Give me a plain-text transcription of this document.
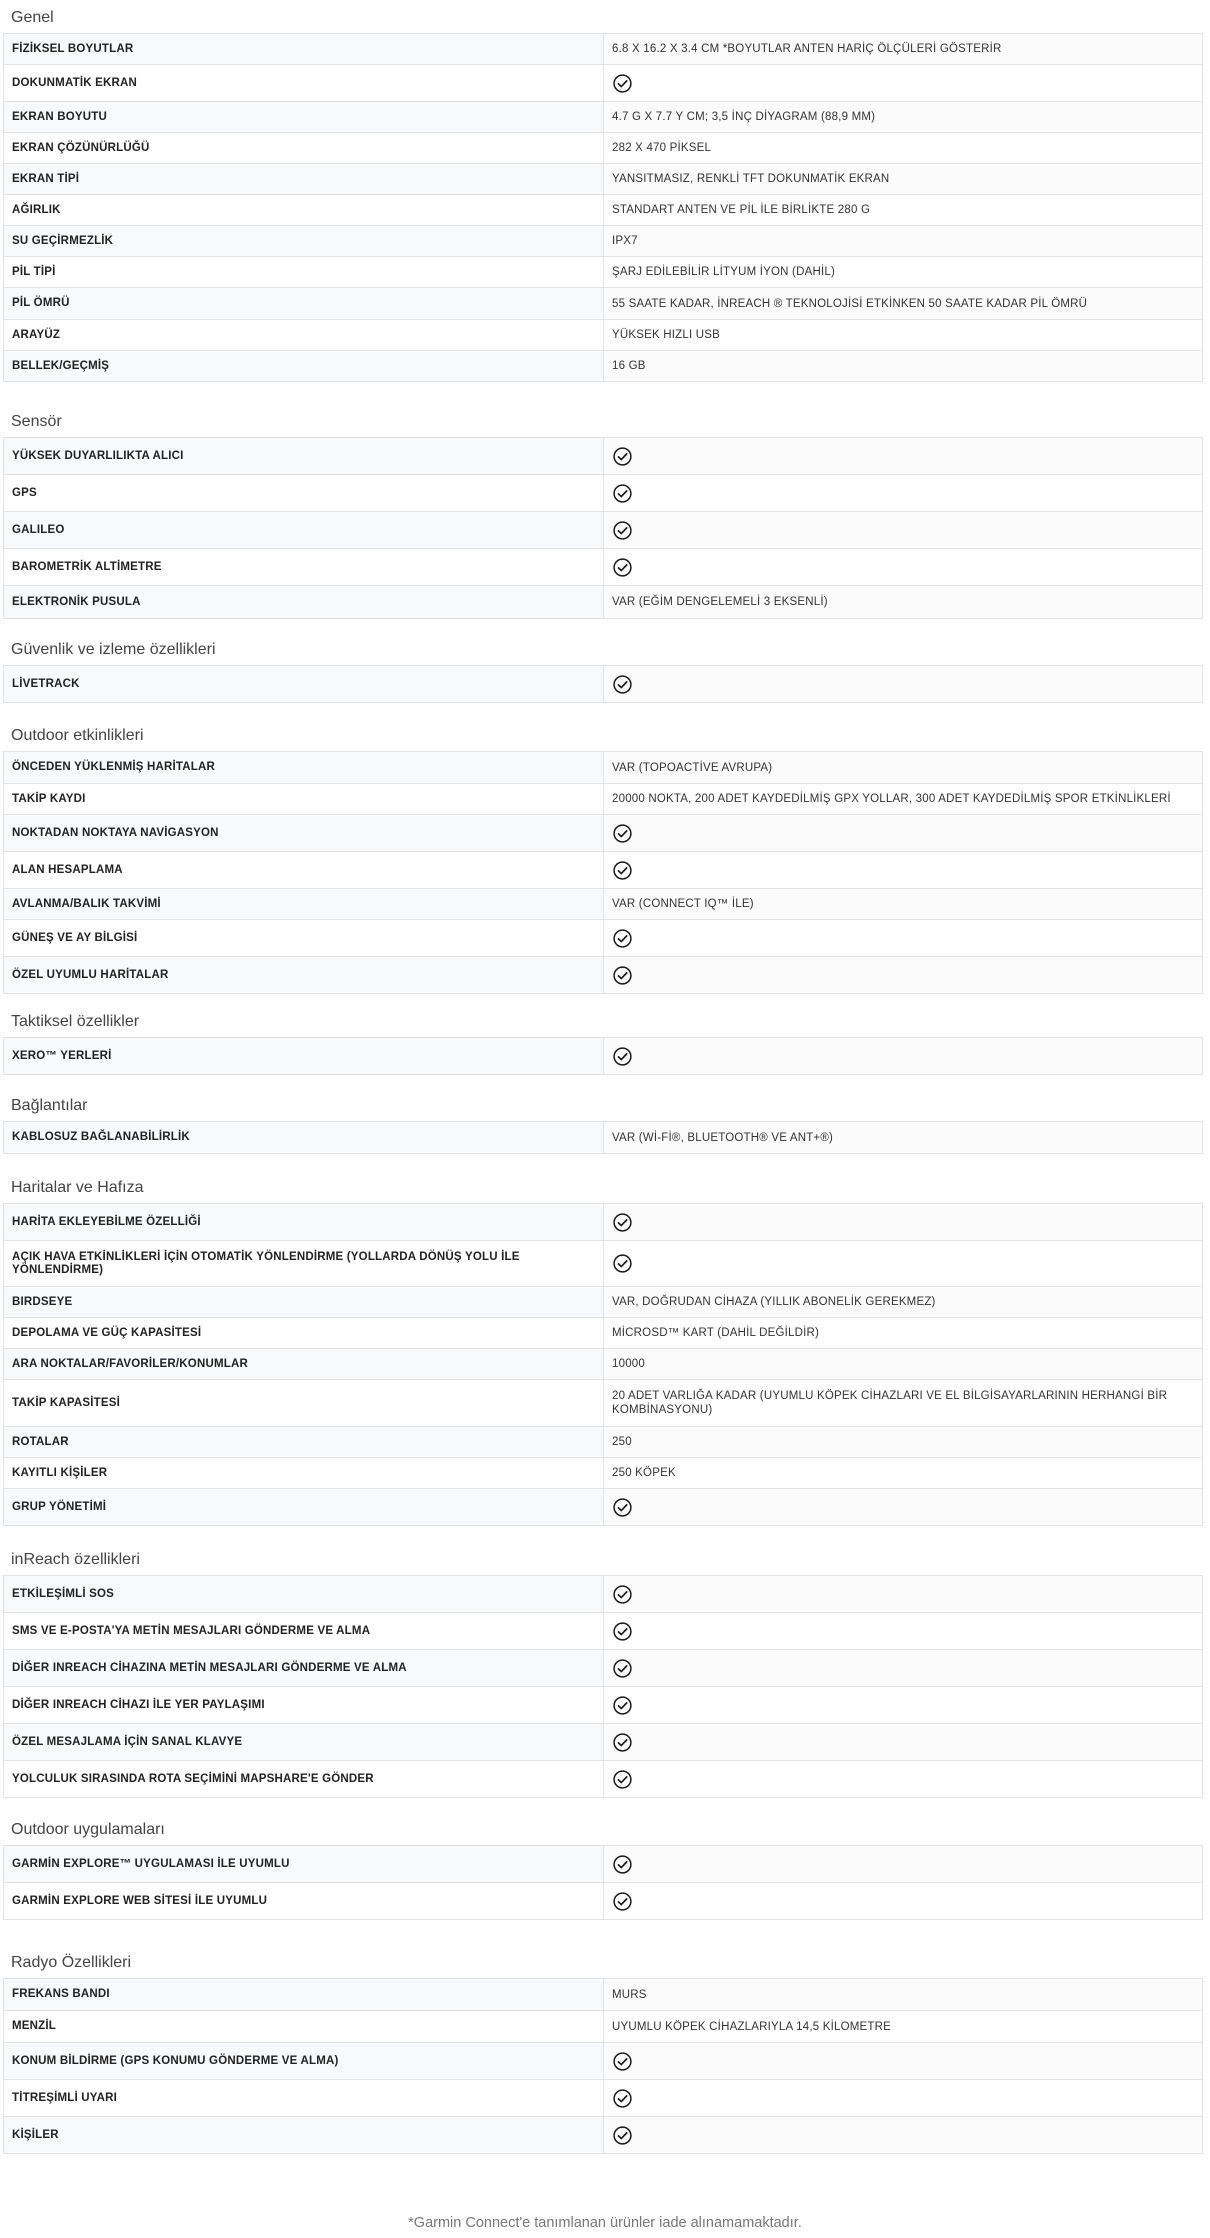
Genel
FİZİKSEL BOYUTLAR	6.8 X 16.2 X 3.4 CM *BOYUTLAR ANTEN HARİÇ ÖLÇÜLERİ GÖSTERİR
DOKUNMATİK EKRAN	
EKRAN BOYUTU	4.7 G X 7.7 Y CM; 3,5 İNÇ DİYAGRAM (88,9 MM)
EKRAN ÇÖZÜNÜRLÜĞÜ	282 X 470 PİKSEL
EKRAN TİPİ	YANSITMASIZ, RENKLİ TFT DOKUNMATİK EKRAN
AĞIRLIK	STANDART ANTEN VE PİL İLE BİRLİKTE 280 G
SU GEÇİRMEZLİK	IPX7
PİL TİPİ	ŞARJ EDİLEBİLİR LİTYUM İYON (DAHİL)
PİL ÖMRÜ	55 SAATE KADAR, İNREACH ® TEKNOLOJİSİ ETKİNKEN 50 SAATE KADAR PİL ÖMRÜ
ARAYÜZ	YÜKSEK HIZLI USB
BELLEK/GEÇMİŞ	16 GB
Sensör
YÜKSEK DUYARLILIKTA ALICI	
GPS	
GALILEO	
BAROMETRİK ALTİMETRE	
ELEKTRONİK PUSULA	VAR (EĞİM DENGELEMELİ 3 EKSENLİ)
Güvenlik ve izleme özellikleri
LİVETRACK	
Outdoor etkinlikleri
ÖNCEDEN YÜKLENMİŞ HARİTALAR	VAR (TOPOACTİVE AVRUPA)
TAKİP KAYDI	20000 NOKTA, 200 ADET KAYDEDİLMİŞ GPX YOLLAR, 300 ADET KAYDEDİLMİŞ SPOR ETKİNLİKLERİ
NOKTADAN NOKTAYA NAVİGASYON	
ALAN HESAPLAMA	
AVLANMA/BALIK TAKVİMİ	VAR (CONNECT IQ™ İLE)
GÜNEŞ VE AY BİLGİSİ	
ÖZEL UYUMLU HARİTALAR	
Taktiksel özellikler
XERO™ YERLERİ	
Bağlantılar
KABLOSUZ BAĞLANABİLİRLİK	VAR (Wİ-Fİ®, BLUETOOTH® VE ANT+®)
Haritalar ve Hafıza
HARİTA EKLEYEBİLME ÖZELLİĞİ	
AÇIK HAVA ETKİNLİKLERİ İÇİN OTOMATİK YÖNLENDİRME (YOLLARDA DÖNÜŞ YOLU İLE YÖNLENDİRME)	
BIRDSEYE	VAR, DOĞRUDAN CİHAZA (YILLIK ABONELİK GEREKMEZ)
DEPOLAMA VE GÜÇ KAPASİTESİ	MİCROSD™ KART (DAHİL DEĞİLDİR)
ARA NOKTALAR/FAVORİLER/KONUMLAR	10000
TAKİP KAPASİTESİ	20 ADET VARLIĞA KADAR (UYUMLU KÖPEK CİHAZLARI VE EL BİLGİSAYARLARININ HERHANGİ BİR KOMBİNASYONU)
ROTALAR	250
KAYITLI KİŞİLER	250 KÖPEK
GRUP YÖNETİMİ	
inReach özellikleri
ETKİLEŞİMLİ SOS	
SMS VE E-POSTA'YA METİN MESAJLARI GÖNDERME VE ALMA	
DİĞER INREACH CİHAZINA METİN MESAJLARI GÖNDERME VE ALMA	
DİĞER INREACH CİHAZI İLE YER PAYLAŞIMI	
ÖZEL MESAJLAMA İÇİN SANAL KLAVYE	
YOLCULUK SIRASINDA ROTA SEÇİMİNİ MAPSHARE'E GÖNDER	
Outdoor uygulamaları
GARMİN EXPLORE™ UYGULAMASI İLE UYUMLU	
GARMİN EXPLORE WEB SİTESİ İLE UYUMLU	
Radyo Özellikleri
FREKANS BANDI	MURS
MENZİL	UYUMLU KÖPEK CİHAZLARIYLA 14,5 KİLOMETRE
KONUM BİLDİRME (GPS KONUMU GÖNDERME VE ALMA)	
TİTREŞİMLİ UYARI	
KİŞİLER	
*Garmin Connect'e tanımlanan ürünler iade alınamamaktadır.
